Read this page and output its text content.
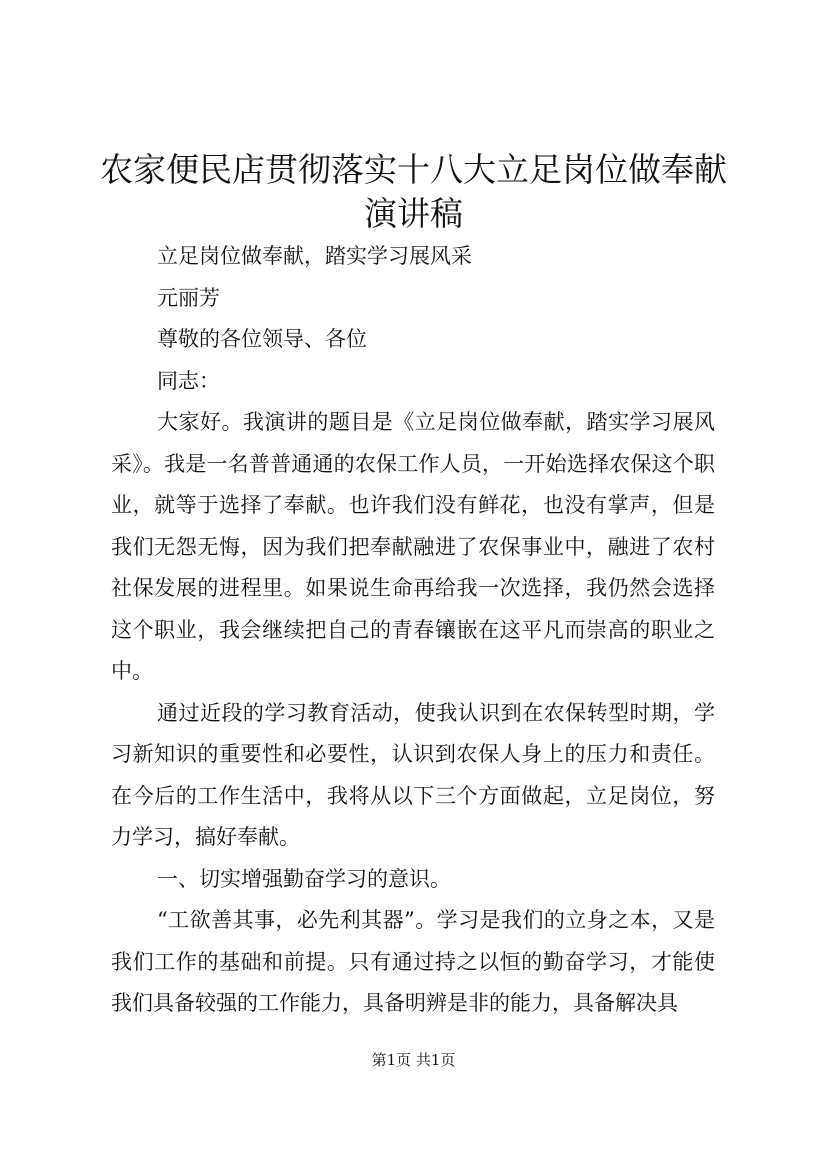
农家便民店贯彻落实十八大立足岗位做奉献演讲稿

立足岗位做奉献，踏实学习展风采

元丽芳

尊敬的各位领导、各位

同志：

大家好。我演讲的题目是《立足岗位做奉献，踏实学习展风采》。我是一名普普通通的农保工作人员，一开始选择农保这个职业，就等于选择了奉献。也许我们没有鲜花，也没有掌声，但是我们无怨无悔，因为我们把奉献融进了农保事业中，融进了农村社保发展的进程里。如果说生命再给我一次选择，我仍然会选择这个职业，我会继续把自己的青春镶嵌在这平凡而崇高的职业之中。

通过近段的学习教育活动，使我认识到在农保转型时期，学习新知识的重要性和必要性，认识到农保人身上的压力和责任。在今后的工作生活中，我将从以下三个方面做起，立足岗位，努力学习，搞好奉献。

一、切实增强勤奋学习的意识。

“工欲善其事，必先利其器”。学习是我们的立身之本，又是我们工作的基础和前提。只有通过持之以恒的勤奋学习，才能使我们具备较强的工作能力，具备明辨是非的能力，具备解决具

第1页 共1页
